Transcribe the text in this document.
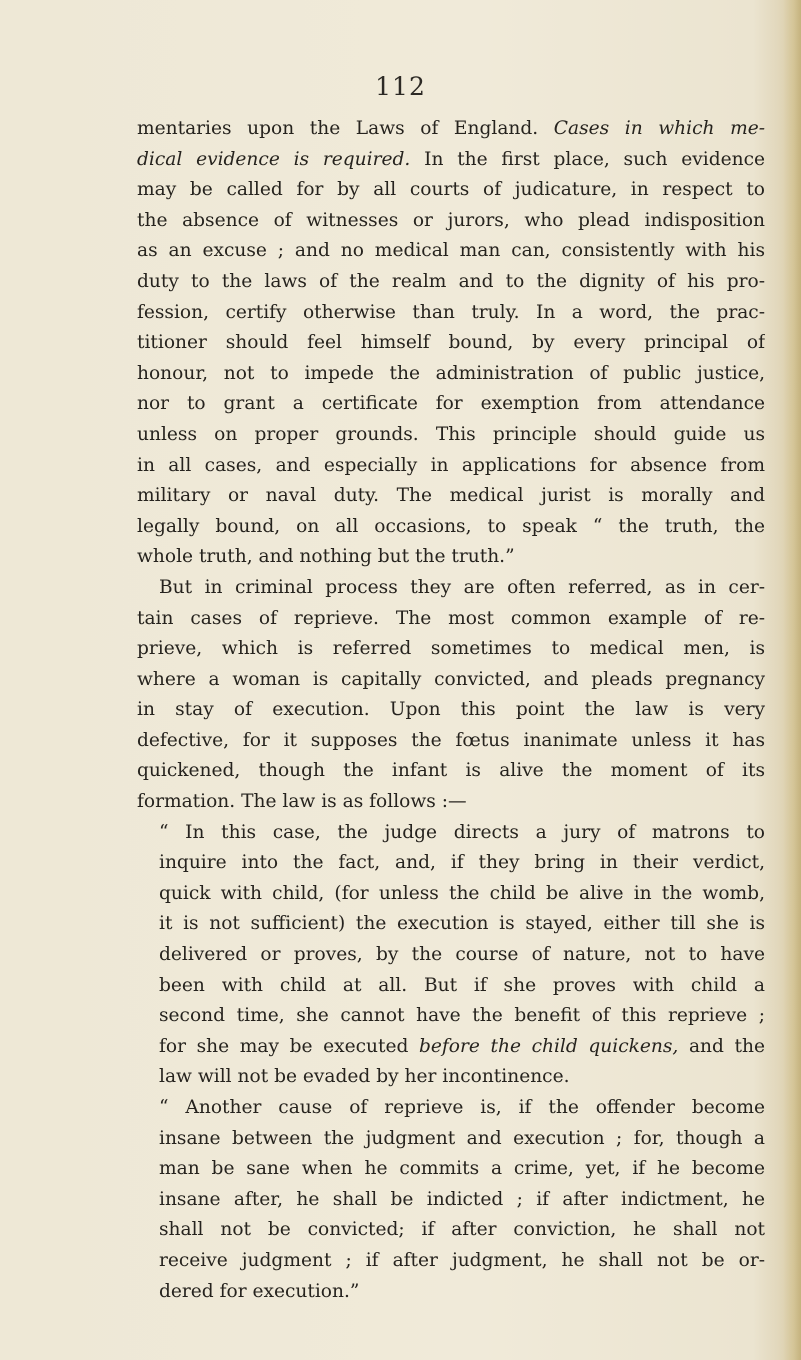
112
mentaries upon the Laws of England. Cases in which me-
dical evidence is required. In the first place, such evidence
may be called for by all courts of judicature, in respect to
the absence of witnesses or jurors, who plead indisposition
as an excuse ; and no medical man can, consistently with his
duty to the laws of the realm and to the dignity of his pro-
fession, certify otherwise than truly. In a word, the prac-
titioner should feel himself bound, by every principal of
honour, not to impede the administration of public justice,
nor to grant a certificate for exemption from attendance
unless on proper grounds. This principle should guide us
in all cases, and especially in applications for absence from
military or naval duty. The medical jurist is morally and
legally bound, on all occasions, to speak “ the truth, the
whole truth, and nothing but the truth.”
But in criminal process they are often referred, as in cer-
tain cases of reprieve. The most common example of re-
prieve, which is referred sometimes to medical men, is
where a woman is capitally convicted, and pleads pregnancy
in stay of execution. Upon this point the law is very
defective, for it supposes the fœtus inanimate unless it has
quickened, though the infant is alive the moment of its
formation. The law is as follows :—
“ In this case, the judge directs a jury of matrons to
inquire into the fact, and, if they bring in their verdict,
quick with child, (for unless the child be alive in the womb,
it is not sufficient) the execution is stayed, either till she is
delivered or proves, by the course of nature, not to have
been with child at all. But if she proves with child a
second time, she cannot have the benefit of this reprieve ;
for she may be executed before the child quickens, and the
law will not be evaded by her incontinence.
“ Another cause of reprieve is, if the offender become
insane between the judgment and execution ; for, though a
man be sane when he commits a crime, yet, if he become
insane after, he shall be indicted ; if after indictment, he
shall not be convicted; if after conviction, he shall not
receive judgment ; if after judgment, he shall not be or-
dered for execution.”
